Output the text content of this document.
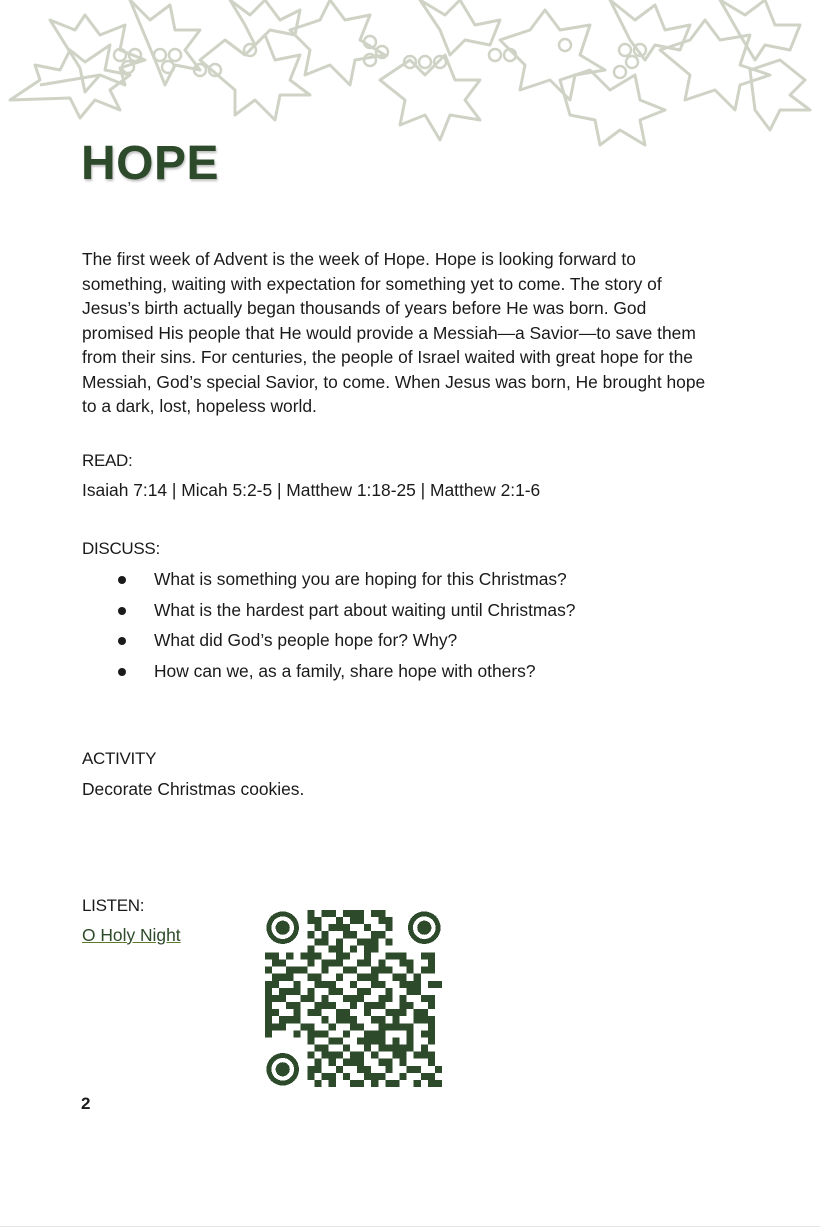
HOPE

The first week of Advent is the week of Hope. Hope is looking forward to something, waiting with expectation for something yet to come. The story of Jesus’s birth actually began thousands of years before He was born. God promised His people that He would provide a Messiah—a Savior—to save them from their sins. For centuries, the people of Israel waited with great hope for the Messiah, God’s special Savior, to come. When Jesus was born, He brought hope to a dark, lost, hopeless world.

READ:

Isaiah 7:14 | Micah 5:2-5 | Matthew 1:18-25 | Matthew 2:1-6

DISCUSS:

What is something you are hoping for this Christmas?
What is the hardest part about waiting until Christmas?
What did God’s people hope for? Why?
How can we, as a family, share hope with others?

ACTIVITY

Decorate Christmas cookies.

LISTEN:

O Holy Night

2
